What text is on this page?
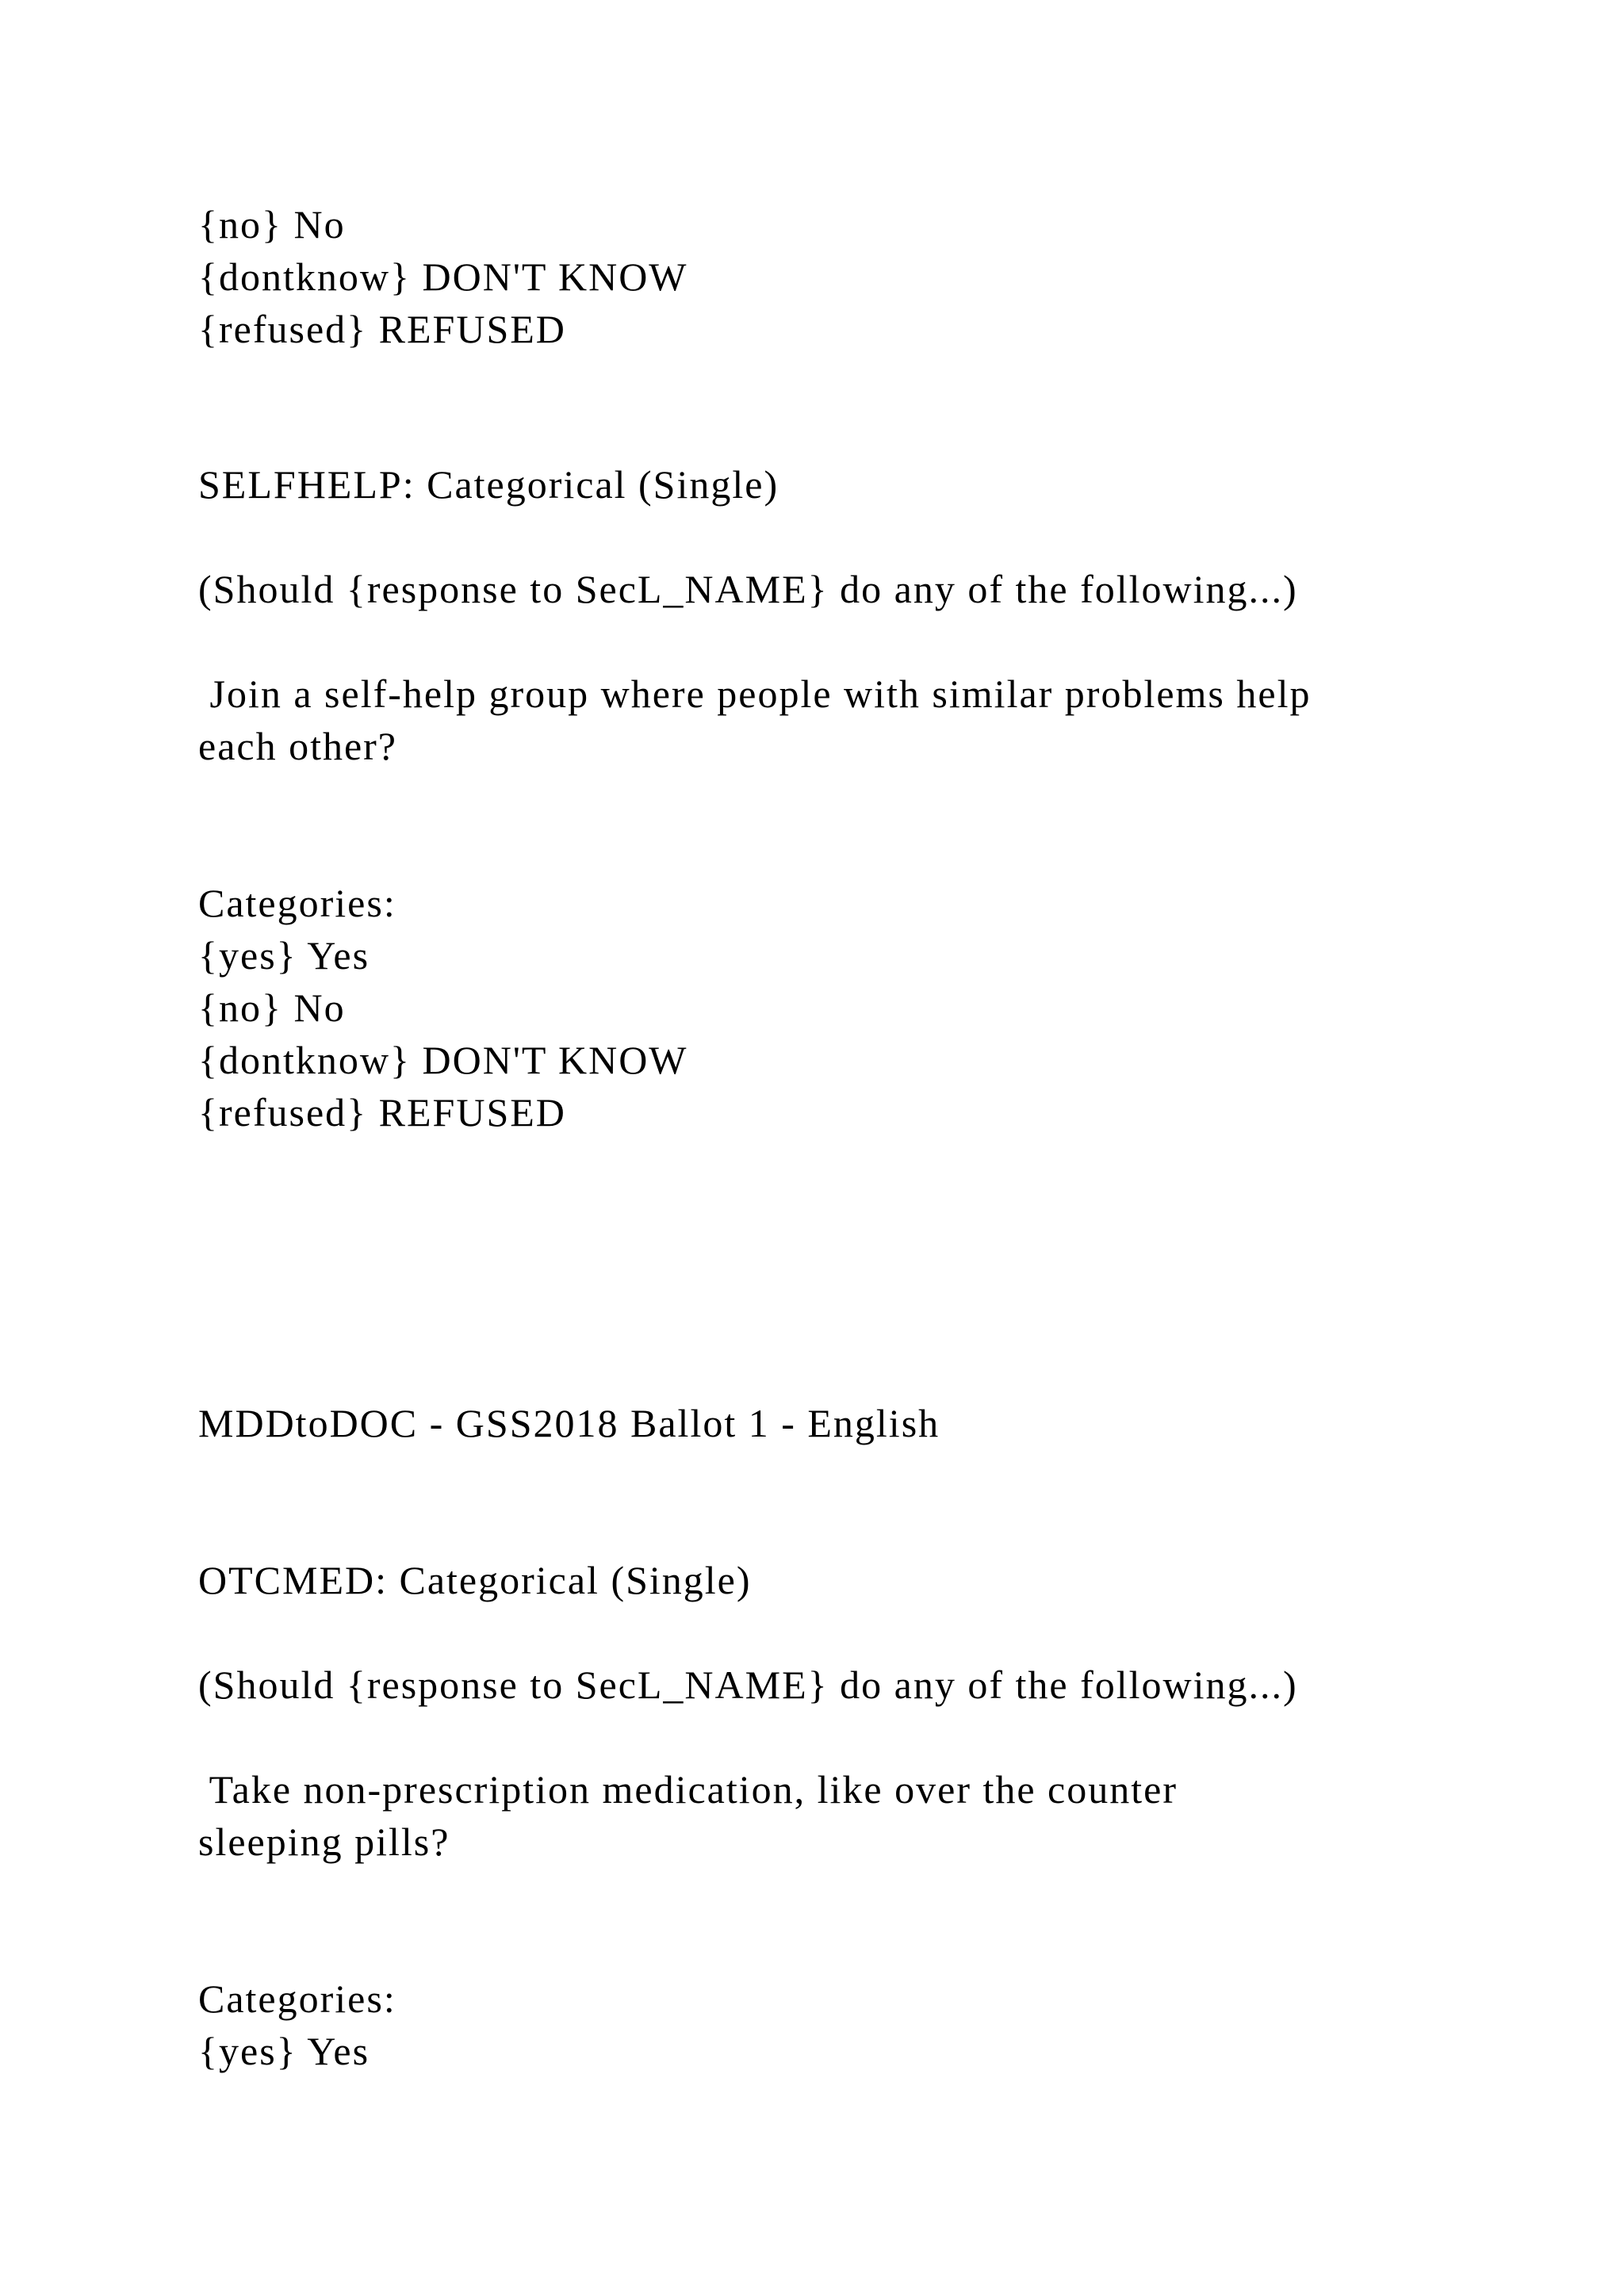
{no} No
{dontknow} DON'T KNOW
{refused} REFUSED
SELFHELP: Categorical (Single)
(Should {response to SecL_NAME} do any of the following...)
Join a self-help group where people with similar problems help
each other?
Categories:
{yes} Yes
{no} No
{dontknow} DON'T KNOW
{refused} REFUSED
MDDtoDOC - GSS2018 Ballot 1 - English
OTCMED: Categorical (Single)
(Should {response to SecL_NAME} do any of the following...)
Take non-prescription medication, like over the counter
sleeping pills?
Categories:
{yes} Yes
